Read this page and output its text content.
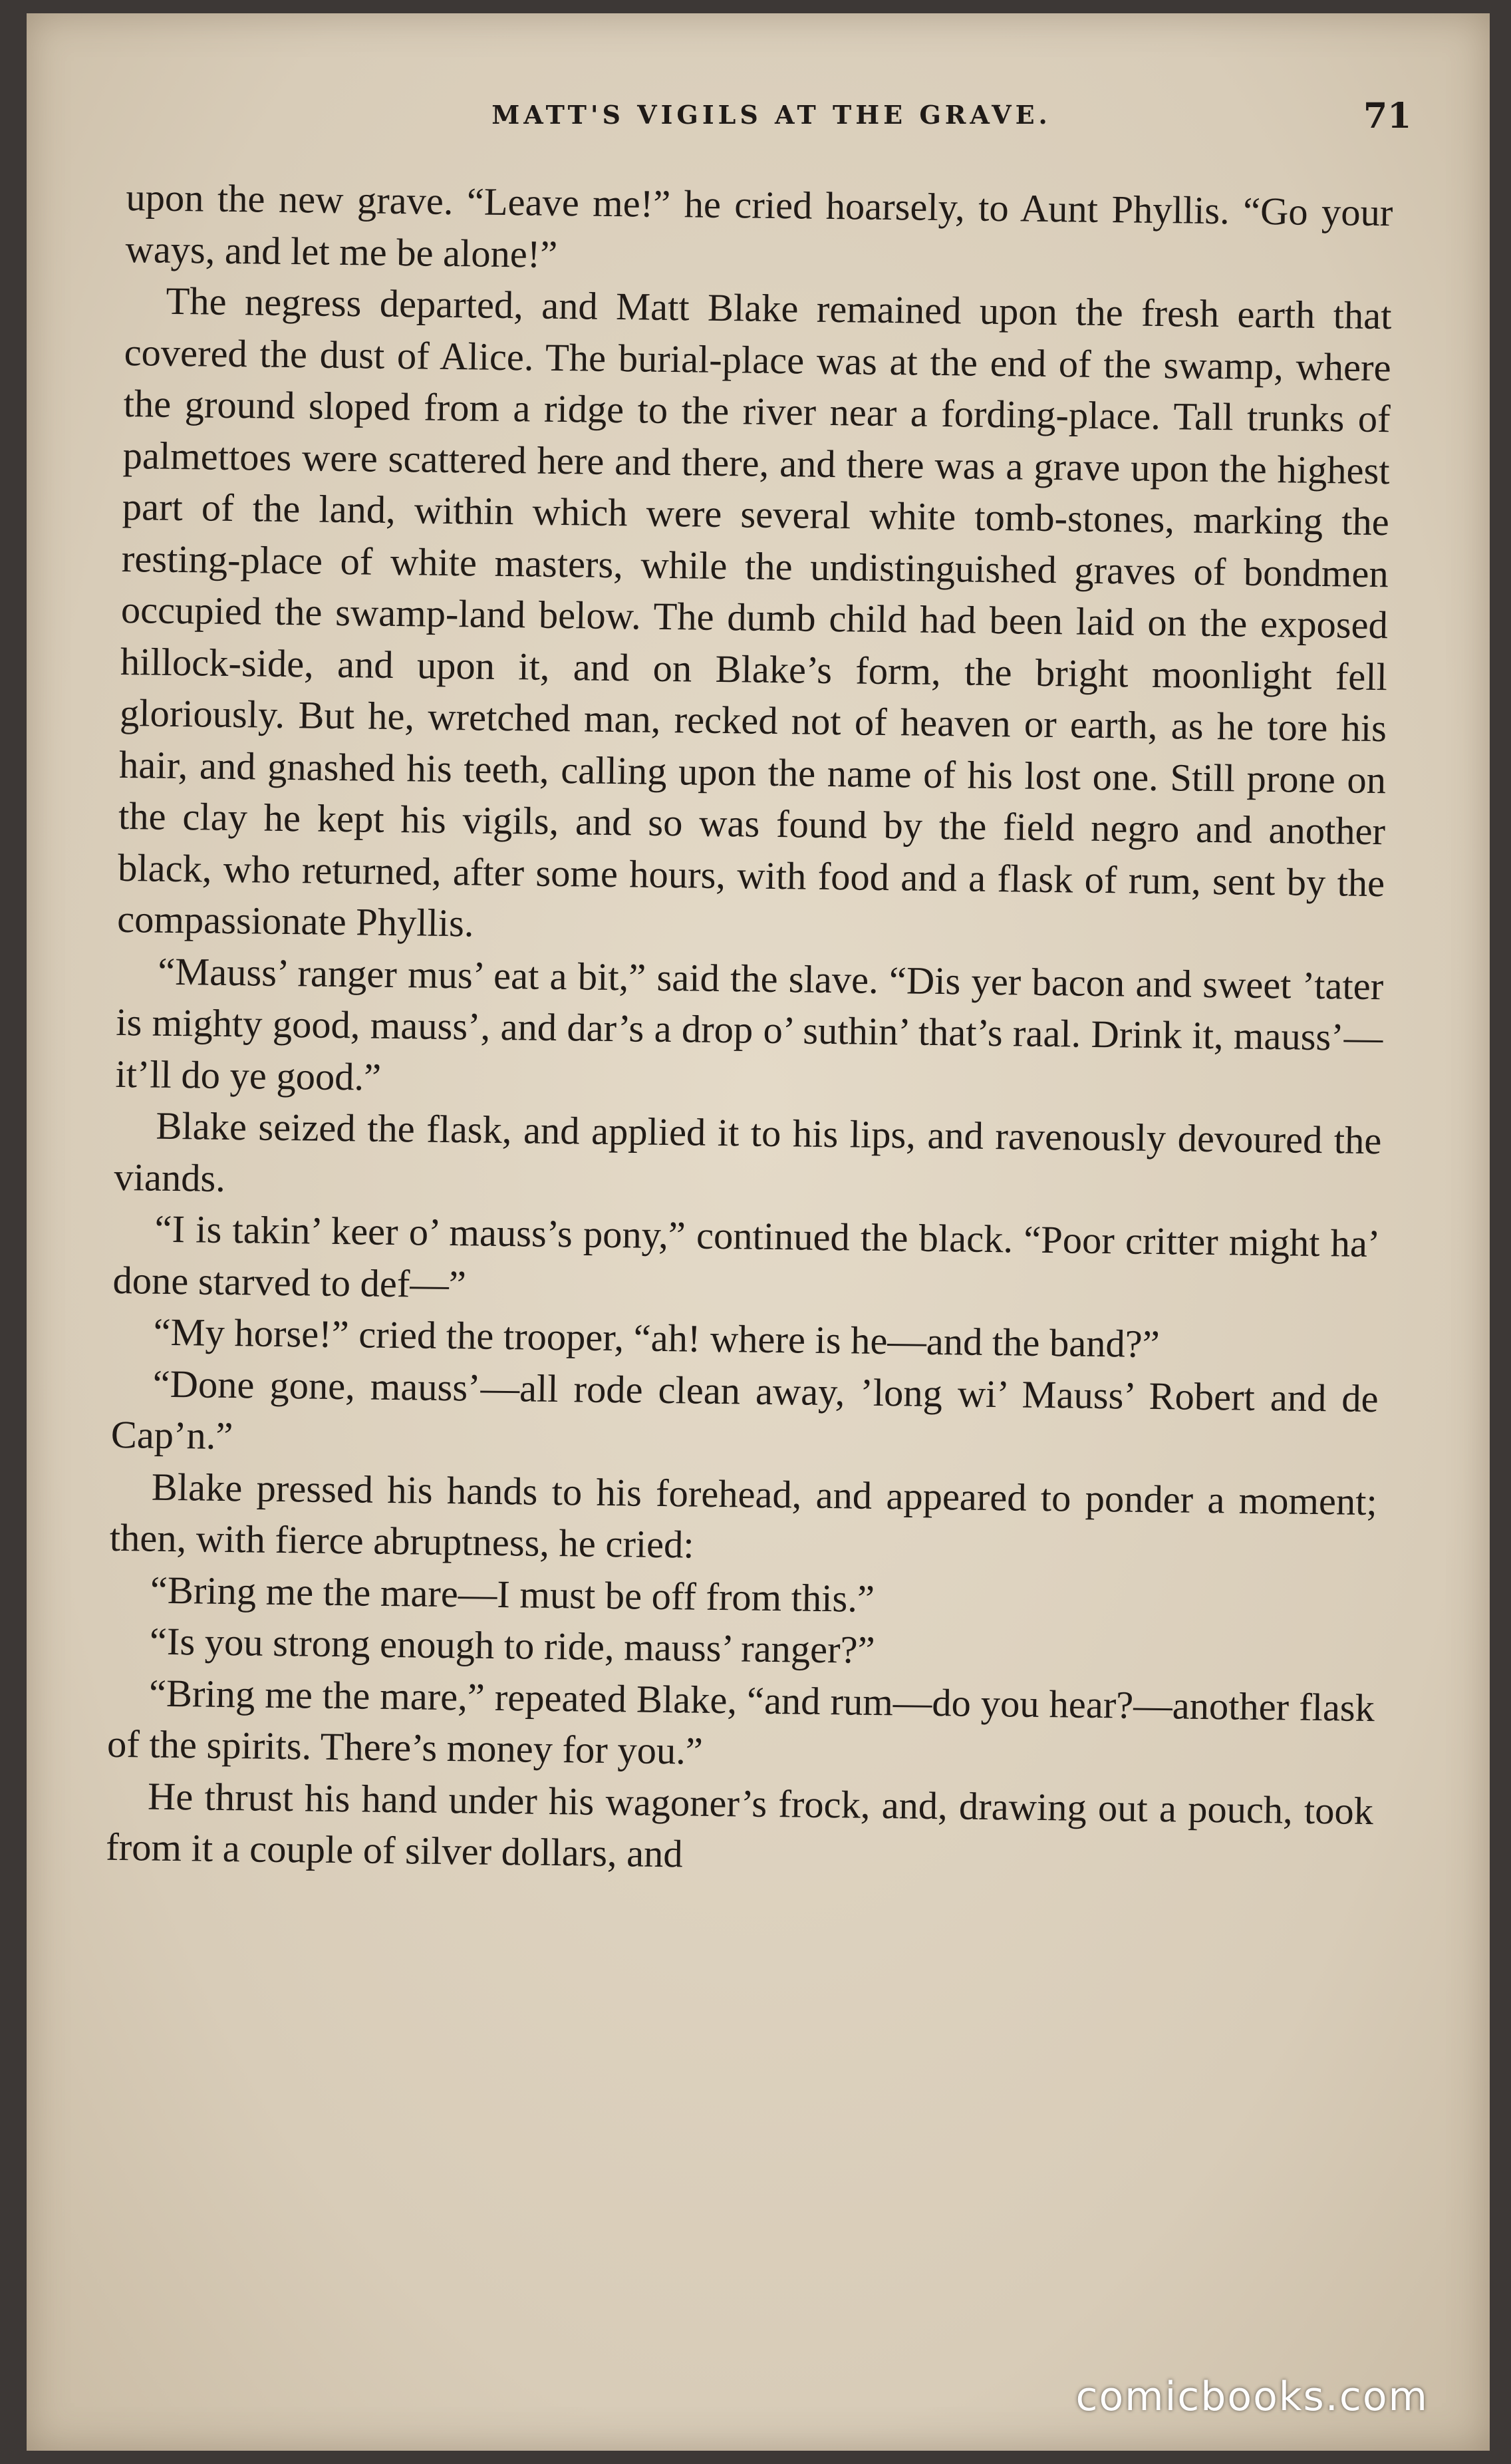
MATT'S VIGILS AT THE GRAVE.	71

upon the new grave. “Leave me!” he cried hoarsely, to Aunt Phyllis. “Go your ways, and let me be alone!”

The negress departed, and Matt Blake remained upon the fresh earth that covered the dust of Alice. The burial-place was at the end of the swamp, where the ground sloped from a ridge to the river near a fording-place. Tall trunks of palmettoes were scattered here and there, and there was a grave upon the highest part of the land, within which were several white tomb-stones, marking the resting-place of white masters, while the undistinguished graves of bondmen occupied the swamp-land below. The dumb child had been laid on the exposed hillock-side, and upon it, and on Blake’s form, the bright moonlight fell gloriously. But he, wretched man, recked not of heaven or earth, as he tore his hair, and gnashed his teeth, calling upon the name of his lost one. Still prone on the clay he kept his vigils, and so was found by the field negro and another black, who returned, after some hours, with food and a flask of rum, sent by the compassionate Phyllis.

“Mauss’ ranger mus’ eat a bit,” said the slave. “Dis yer bacon and sweet ’tater is mighty good, mauss’, and dar’s a drop o’ suthin’ that’s raal. Drink it, mauss’—it’ll do ye good.”

Blake seized the flask, and applied it to his lips, and ravenously devoured the viands.

“I is takin’ keer o’ mauss’s pony,” continued the black. “Poor critter might ha’ done starved to def—”

“My horse!” cried the trooper, “ah! where is he—and the band?”

“Done gone, mauss’—all rode clean away, ’long wi’ Mauss’ Robert and de Cap’n.”

Blake pressed his hands to his forehead, and appeared to ponder a moment; then, with fierce abruptness, he cried:

“Bring me the mare—I must be off from this.”

“Is you strong enough to ride, mauss’ ranger?”

“Bring me the mare,” repeated Blake, “and rum—do you hear?—another flask of the spirits. There’s money for you.”

He thrust his hand under his wagoner’s frock, and, drawing out a pouch, took from it a couple of silver dollars, and

comicbooks.com
